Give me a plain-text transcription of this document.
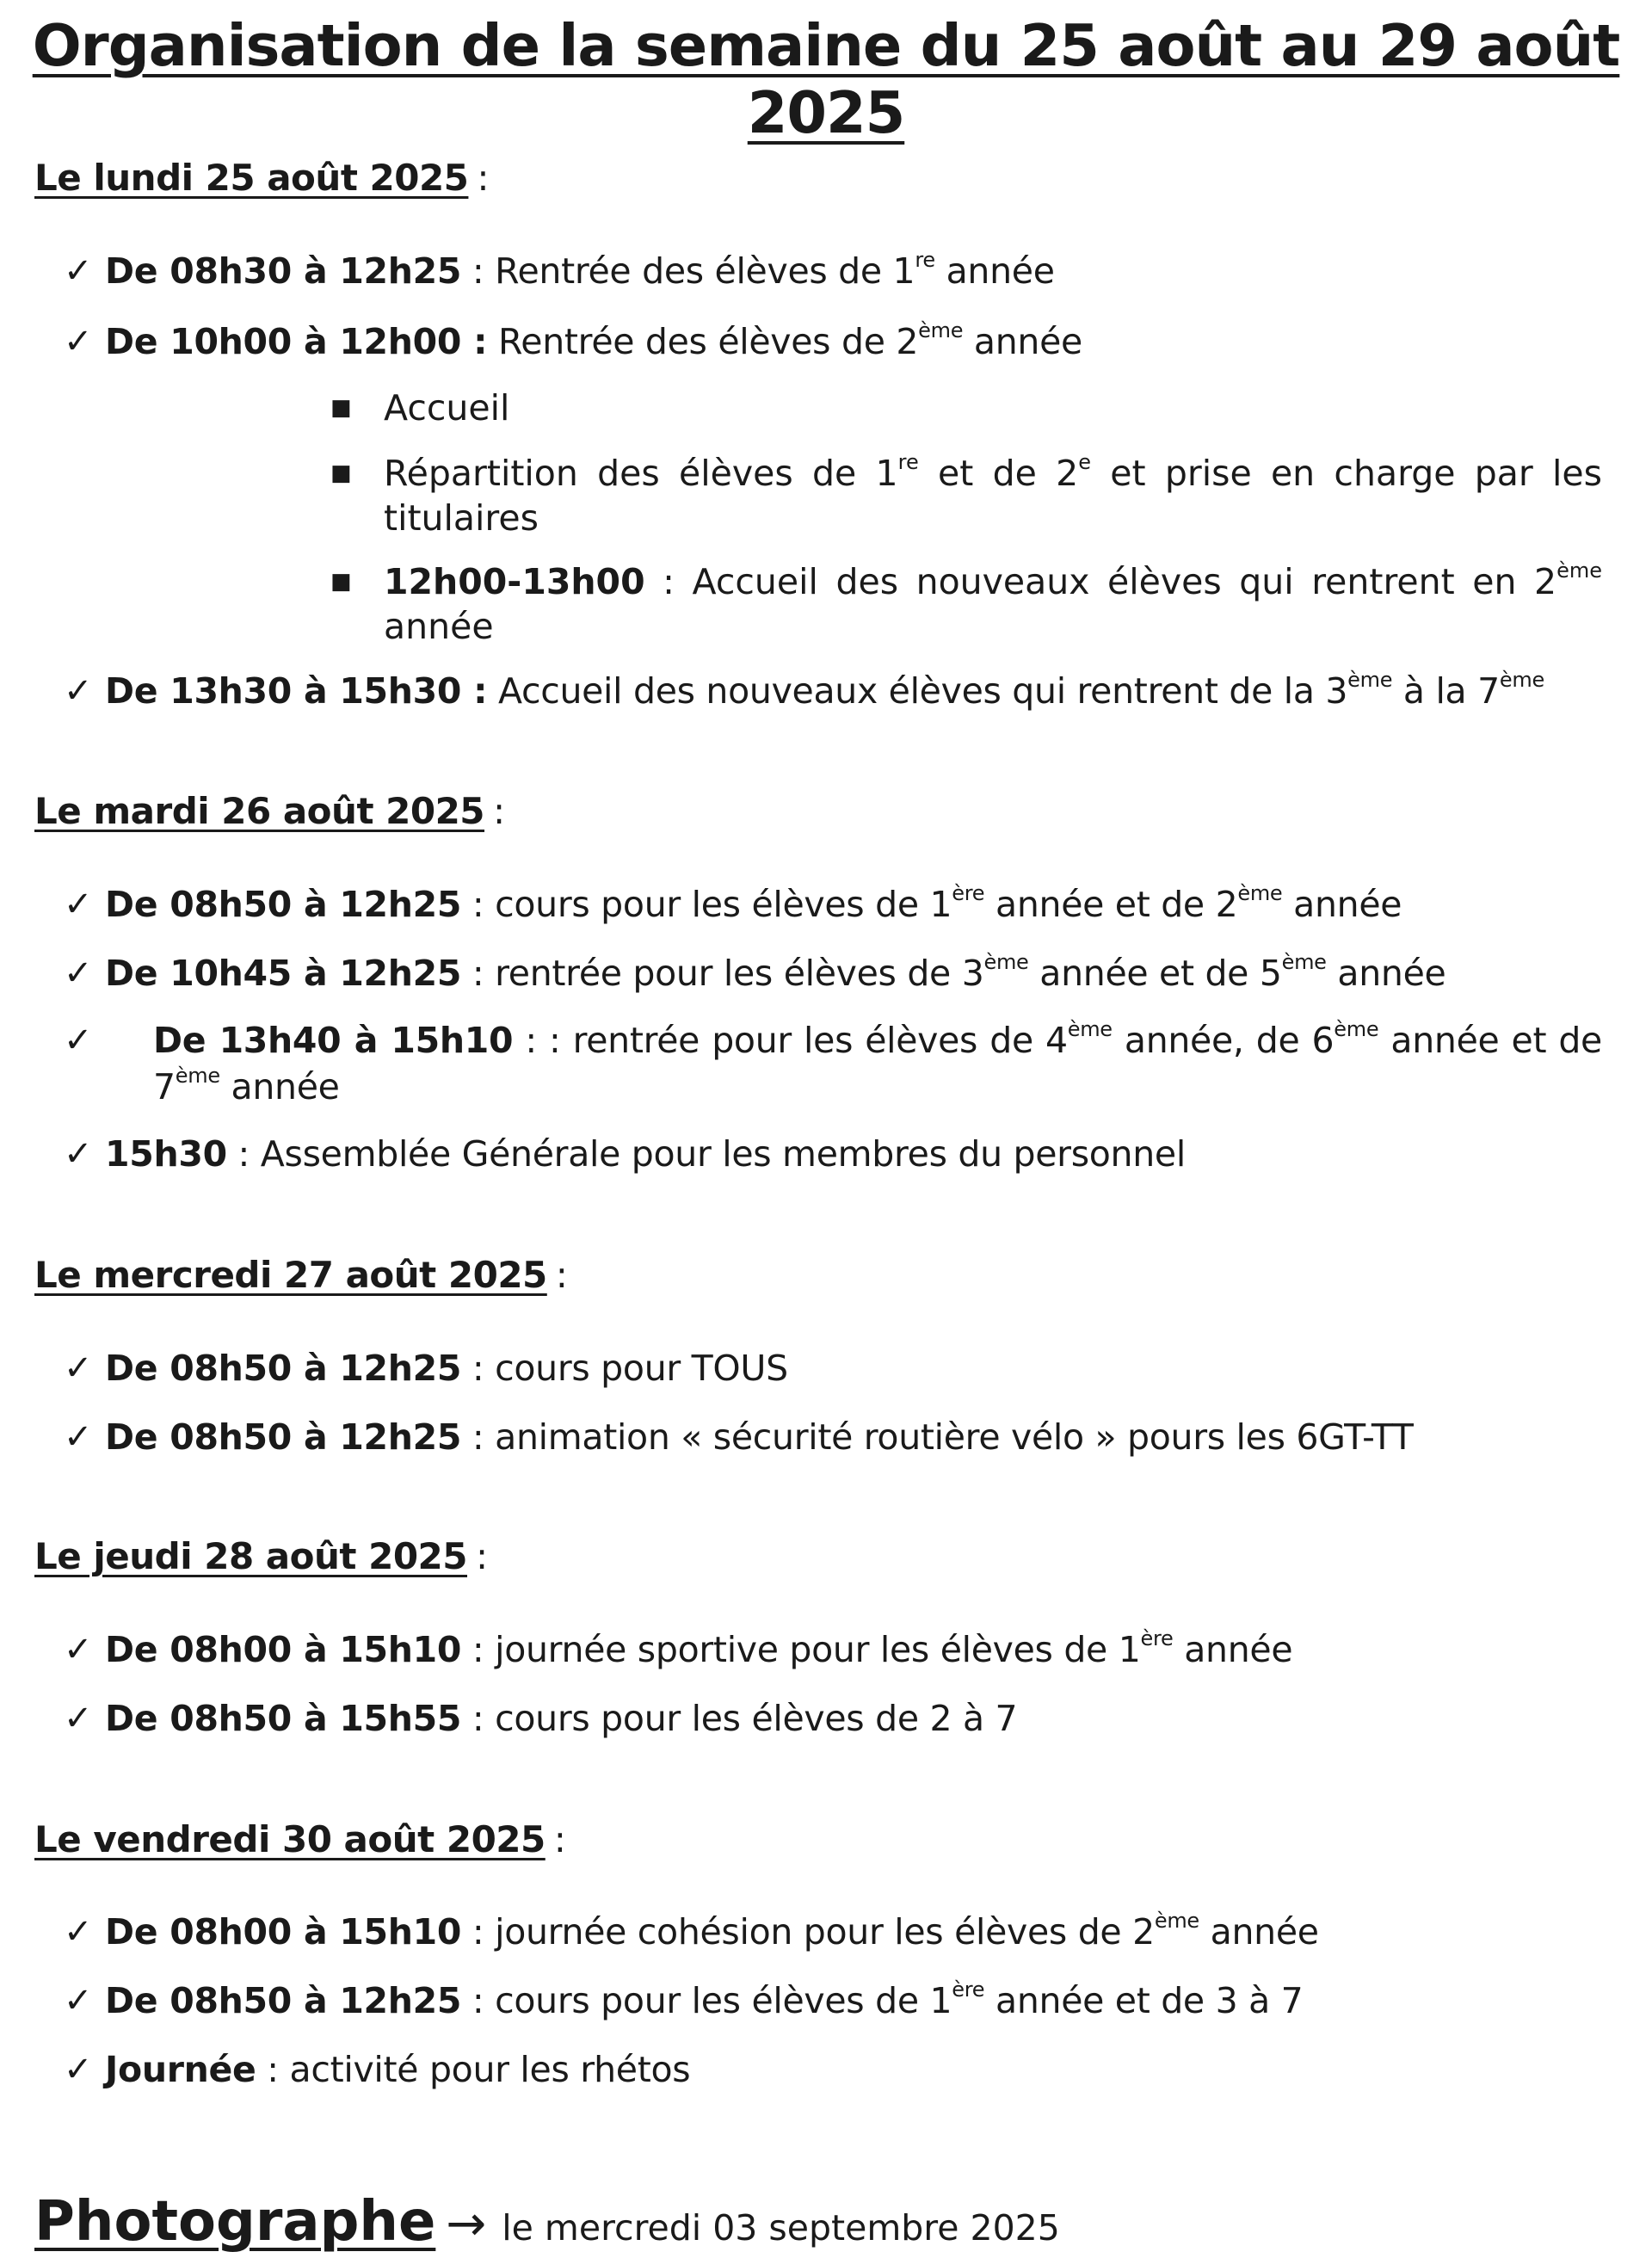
Organisation de la semaine du 25 août au 29 août 2025
Le lundi 25 août 2025 :
✓ De 08h30 à 12h25 : Rentrée des élèves de 1re année
✓ De 10h00 à 12h00 : Rentrée des élèves de 2ème année
■ Accueil
■ Répartition des élèves de 1re et de 2e et prise en charge par les titulaires
■ 12h00-13h00 : Accueil des nouveaux élèves qui rentrent en 2ème année
✓ De 13h30 à 15h30 : Accueil des nouveaux élèves qui rentrent de la 3ème à la 7ème
Le mardi 26 août 2025 :
✓ De 08h50 à 12h25 : cours pour les élèves de 1ère année et de 2ème année
✓ De 10h45 à 12h25 : rentrée pour les élèves de 3ème année et de 5ème année
✓ De 13h40 à 15h10 : : rentrée pour les élèves de 4ème année, de 6ème année et de 7ème année
✓ 15h30 : Assemblée Générale pour les membres du personnel
Le mercredi 27 août 2025 :
✓ De 08h50 à 12h25 : cours pour TOUS
✓ De 08h50 à 12h25 : animation « sécurité routière vélo » pours les 6GT-TT
Le jeudi 28 août 2025 :
✓ De 08h00 à 15h10 : journée sportive pour les élèves de 1ère année
✓ De 08h50 à 15h55 : cours pour les élèves de 2 à 7
Le vendredi 30 août 2025 :
✓ De 08h00 à 15h10 : journée cohésion pour les élèves de 2ème année
✓ De 08h50 à 12h25 : cours pour les élèves de 1ère année et de 3 à 7
✓ Journée : activité pour les rhétos
Photographe → le mercredi 03 septembre 2025
